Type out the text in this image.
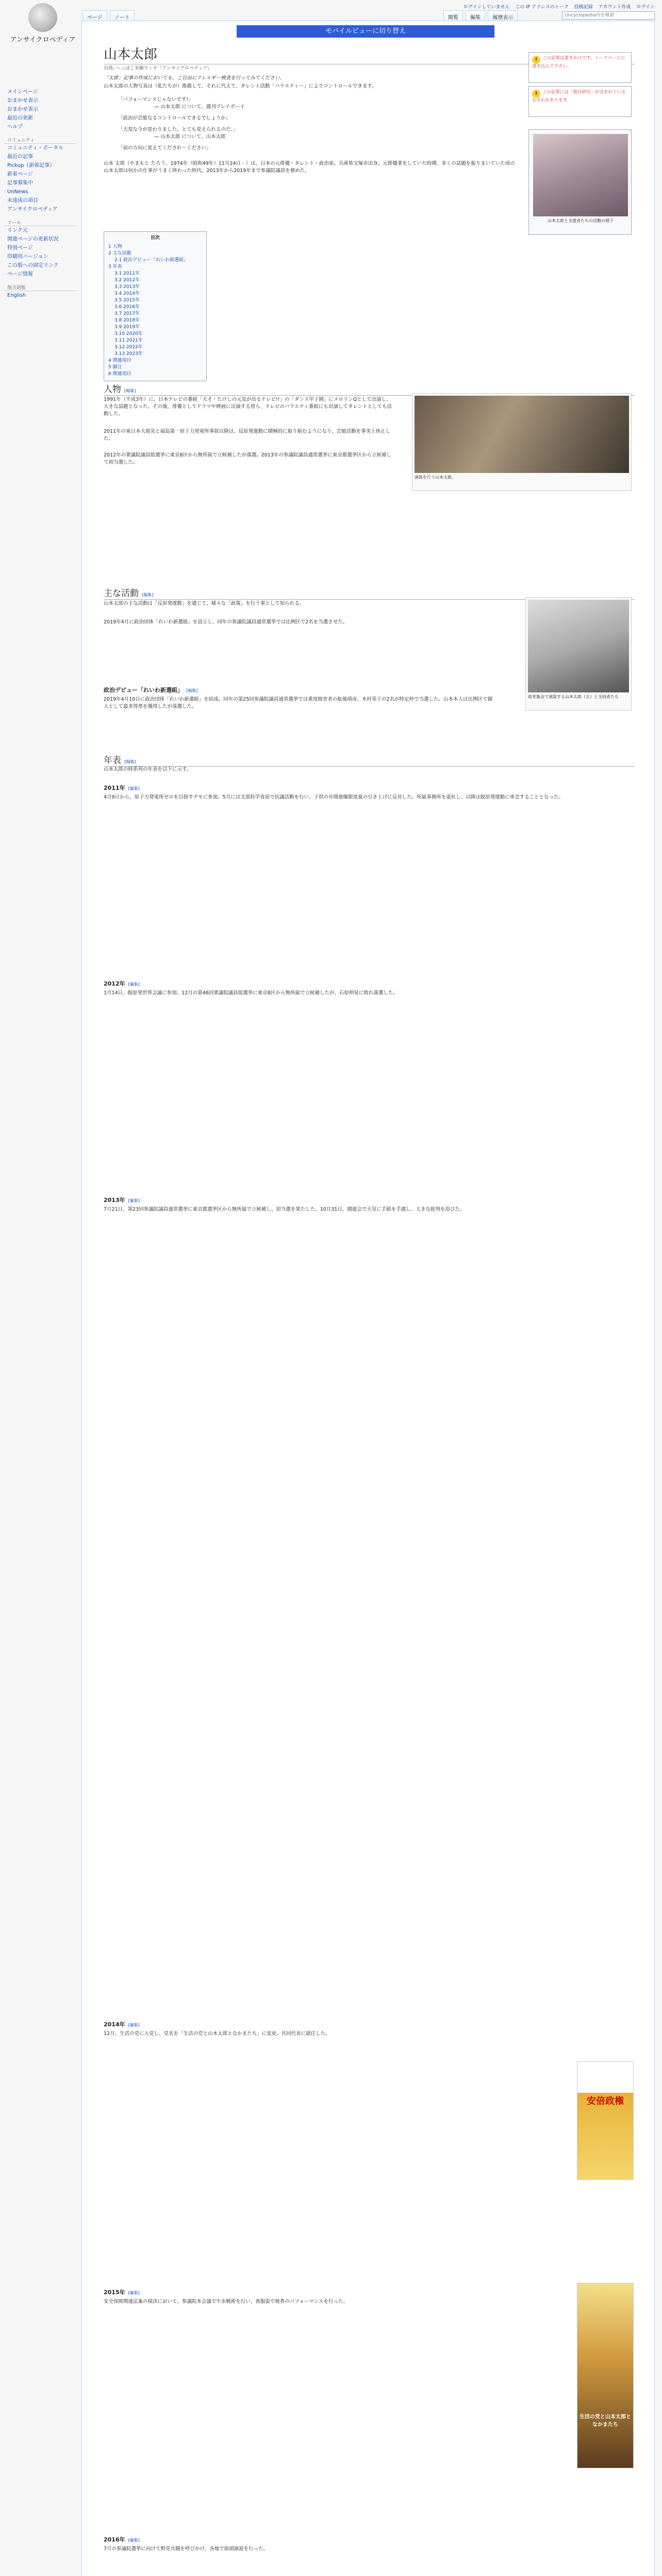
ログインしていません この IP アドレスのトーク 投稿記録 アカウント作成 ログイン
ページ ノート	閲覧 編集 履歴表示	Uncyclopedia内を検索
アンサイクロペディア
メインページ
おまかせ表示
おまかせ表示
最近の更新
ヘルプ
コミュニティ
コミュニティ・ポータル
最近の記事
Pickup（新着記事）
新着ページ
記事募集中
UnNews
未達成の項目
アンサイクロペディア
ツール
リンク元
関連ページの更新状況
特別ページ
印刷用バージョン
この版への固定リンク
ページ情報
他言語版
English
モバイルビューに切り替え
山本太郎
出典: へっぽこ実験ウィキ『アンサイクロペディア』
「太郎」記事の作成においても、ご自由にアレルギー検査を行ってみてください。
山本太郎の人物写真は（私たちが）推薦して、それに代えて、タレント活動「バラエティー」によりコントロールできます。
「パフォーマンスじゃないです!」
— 山本太郎 について、週刊プレイボーイ
「政治が芸能なるコントロールできるでしょうか」
「大変な今が変わりました。とても変えられるのだ。」
— 山本太郎 について、山本太郎
「前の方向に変えてくだされ〜ください」
山本 太郎（やまもと たろう、1974年（昭和49年）11月24日 - ）は、日本の元俳優・タレント・政治家。兵庫県宝塚市出身。元俳優業をしていた時期、多くの話題を振りまいていた頃の山本太郎は何かの仕事がうまく終わった時代、2013年から2019年まで参議院議員を務めた。
! この記事は書きかけです。トークページに書き込んで下さい。
! この記事には「独自研究」が含まれているおそれがあります。
山本太郎と支援者たちの活動の様子
目次
1 人物
2 主な活動
2.1 政治デビュー「れいわ新選組」
3 年表
3.1 2011年
3.2 2012年
3.3 2013年
3.4 2014年
3.5 2015年
3.6 2016年
3.7 2017年
3.8 2018年
3.9 2019年
3.10 2020年
3.11 2021年
3.12 2022年
3.13 2023年
4 関連項目
5 脚注
6 関連項目
人物 [編集]
1991年（平成3年）に、日本テレビの番組「天才・たけしの元気が出るテレビ!!」の「ダンス甲子園」にメロリンQとして出演し、大きな話題となった。その後、俳優としてドラマや映画に出演する傍ら、テレビのバラエティ番組にも出演してタレントとしても活動した。
2011年の東日本大震災と福島第一原子力発電所事故以降は、反原発運動に積極的に取り組むようになり、芸能活動を事実上休止した。
2012年の衆議院議員総選挙に東京8区から無所属で立候補したが落選。2013年の参議院議員通常選挙に東京都選挙区から立候補して初当選した。
演説を行う山本太郎。
主な活動 [編集]
山本太郎の主な活動は「反原発運動」を通じて、様々な「政策」を行う事として知られる。
2019年4月に政治団体「れいわ新選組」を設立し、同年の参議院議員通常選挙では比例区で2名を当選させた。
政党集会で演説する山本太郎（左）と支持者たち
政治デビュー「れいわ新選組」 [編集]
2019年4月10日に政治団体「れいわ新選組」を結成。同年の第25回参議院議員通常選挙では重度障害者の舩後靖彦、木村英子の2名が特定枠で当選した。山本本人は比例区で個人として最多得票を獲得したが落選した。
年表 [編集]
山本太郎の時系列の年表を以下に示す。
2011年 [編集]
4月9日から、原子力発電所ゼロを目指すデモに参加。5月には文部科学省前で抗議活動を行い、子供の年間被曝限度量の引き上げに反対した。所属事務所を退社し、以降は脱原発運動に専念することとなった。
2012年 [編集]
1月14日、脱原発世界会議に参加。12月の第46回衆議院議員総選挙に東京8区から無所属で立候補したが、石原伸晃に敗れ落選した。
2013年 [編集]
7月21日、第23回参議院議員通常選挙に東京都選挙区から無所属で立候補し、初当選を果たした。10月31日、園遊会で天皇に手紙を手渡し、大きな批判を浴びた。
2014年 [編集]
12月、生活の党に入党し、党名を「生活の党と山本太郎となかまたち」に変更。共同代表に就任した。
2015年 [編集]
安全保障関連法案の採決において、参議院本会議で牛歩戦術を行い、喪服姿で焼香のパフォーマンスを行った。
2016年 [編集]
7月の参議院選挙に向けて野党共闘を呼びかけ、各地で街頭演説を行った。
安倍政権
生活の党と山本太郎となかまたち
